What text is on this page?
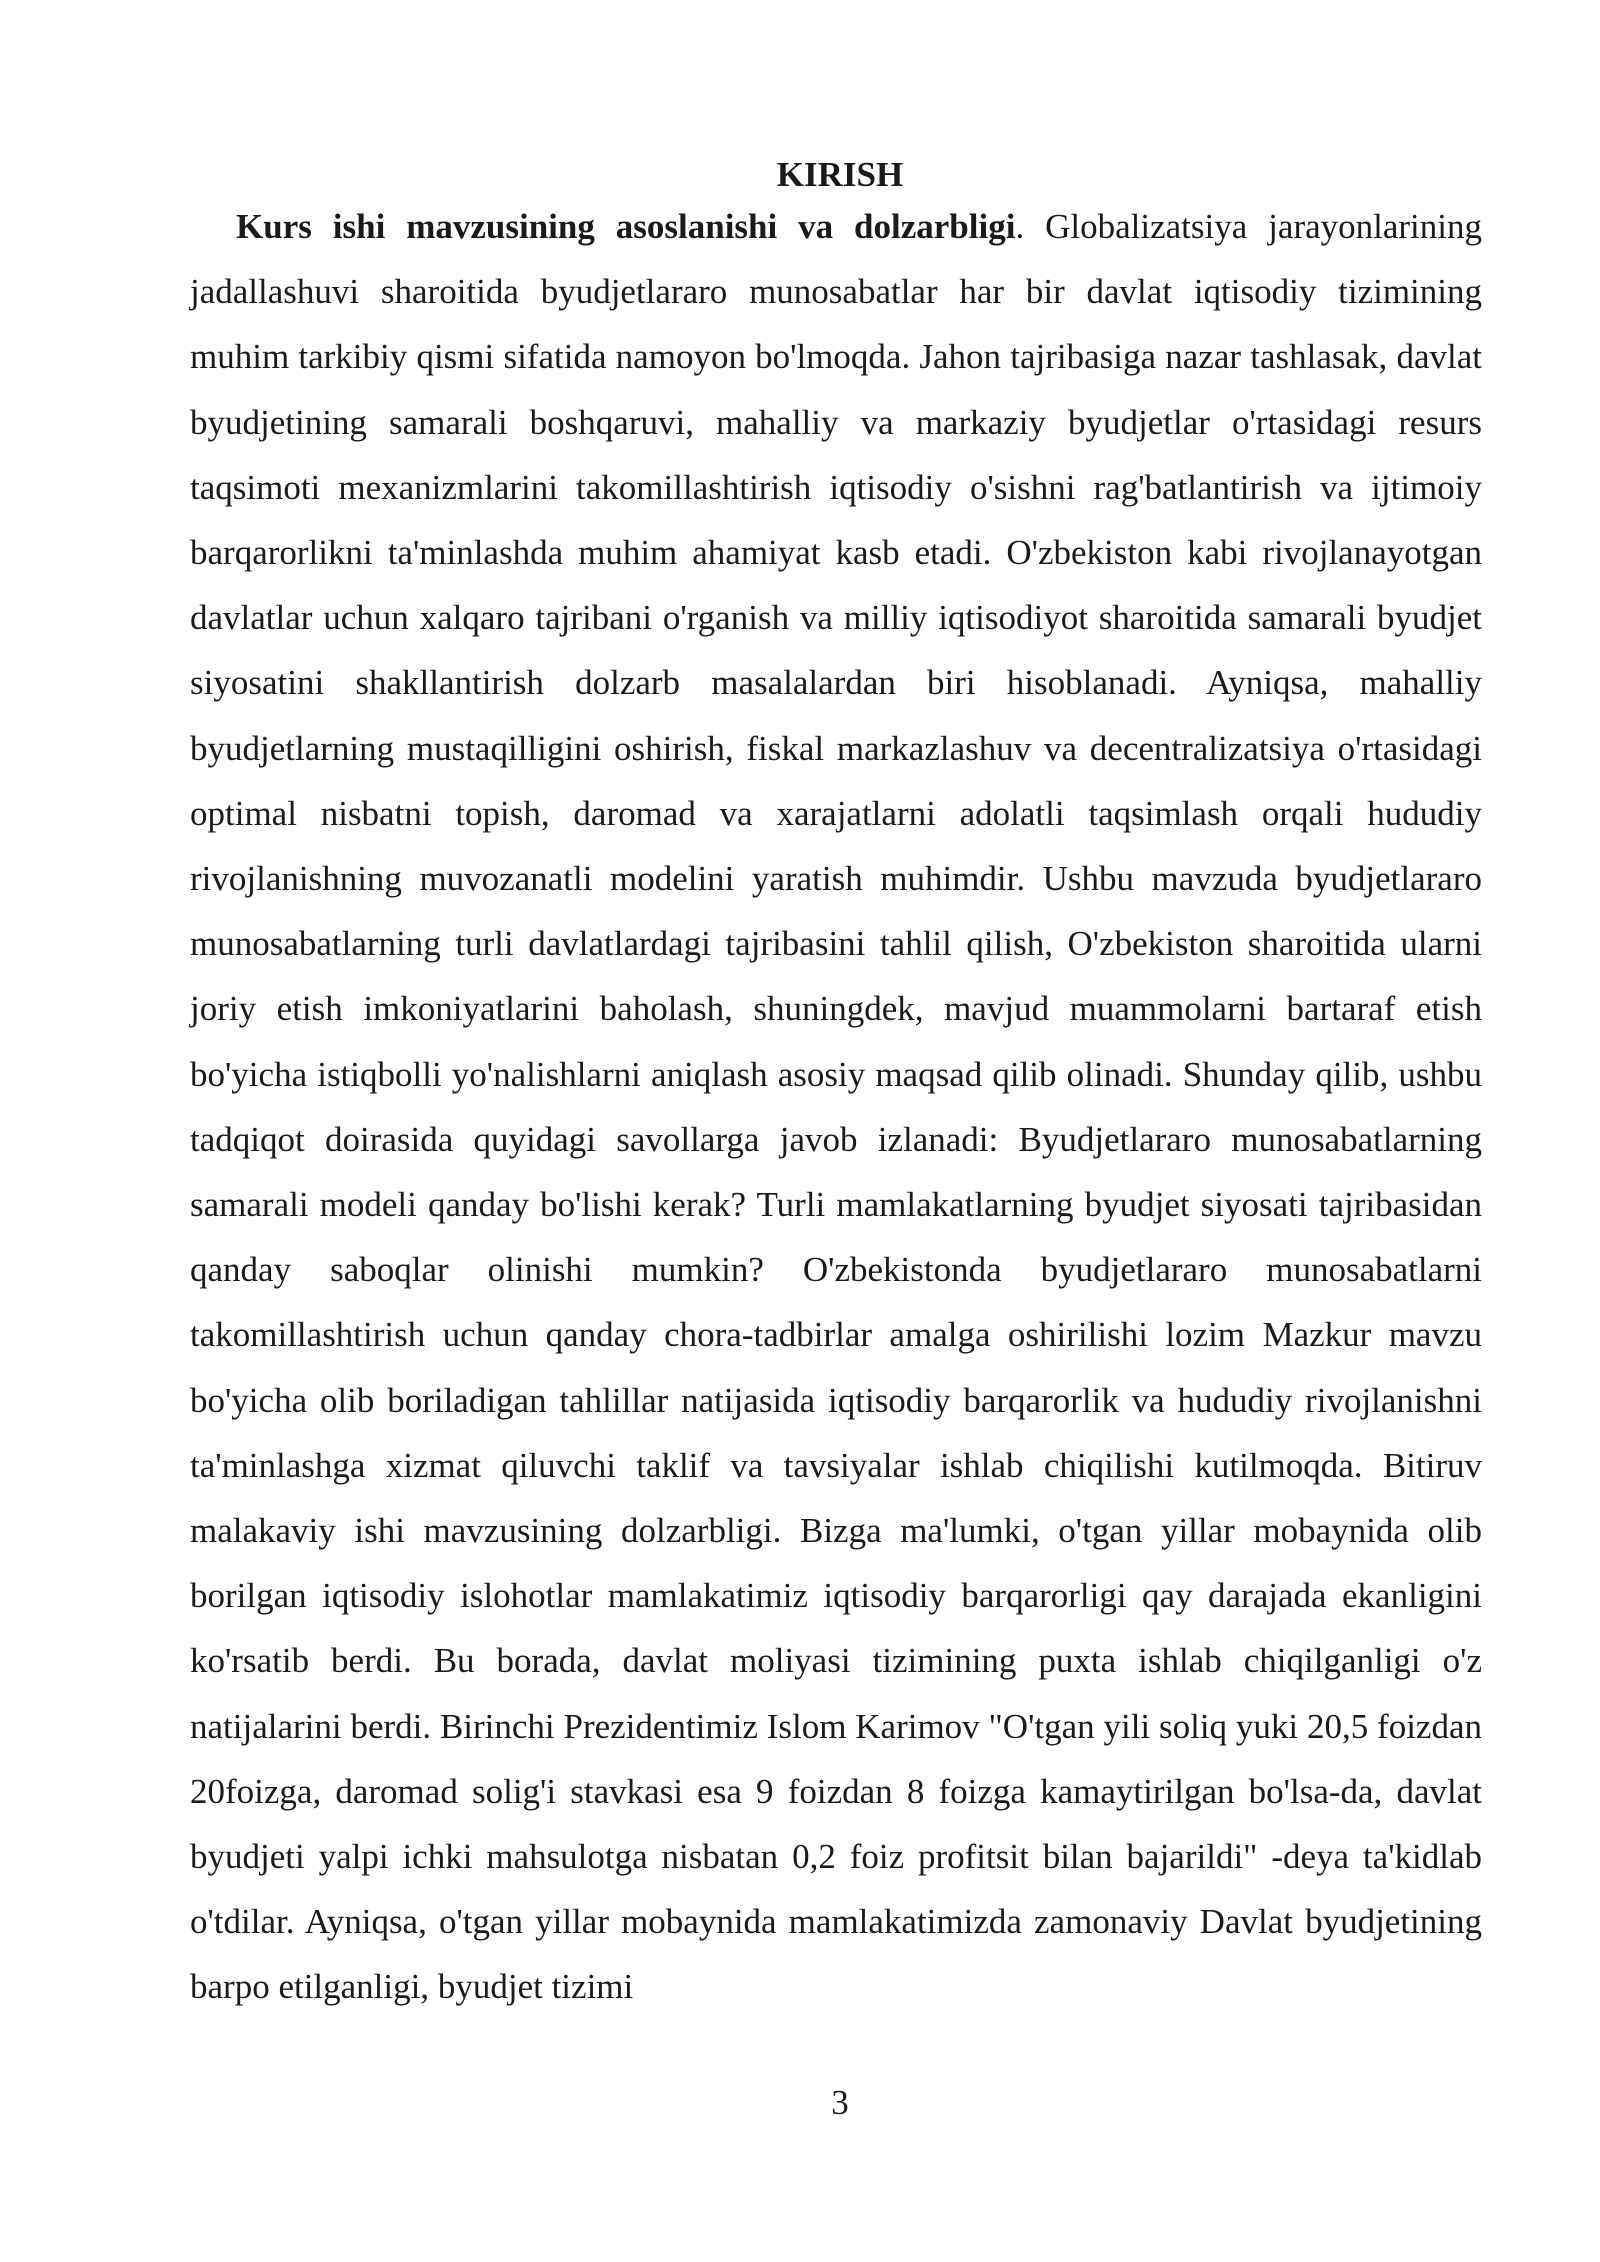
KIRISH

Kurs ishi mavzusining asoslanishi va dolzarbligi. Globalizatsiya jarayonlarining jadallashuvi sharoitida byudjetlararo munosabatlar har bir davlat iqtisodiy tizimining muhim tarkibiy qismi sifatida namoyon bo'lmoqda. Jahon tajribasiga nazar tashlasak, davlat byudjetining samarali boshqaruvi, mahalliy va markaziy byudjetlar o'rtasidagi resurs taqsimoti mexanizmlarini takomillashtirish iqtisodiy o'sishni rag'batlantirish va ijtimoiy barqarorlikni ta'minlashda muhim ahamiyat kasb etadi. O'zbekiston kabi rivojlanayotgan davlatlar uchun xalqaro tajribani o'rganish va milliy iqtisodiyot sharoitida samarali byudjet siyosatini shakllantirish dolzarb masalalardan biri hisoblanadi. Ayniqsa, mahalliy byudjetlarning mustaqilligini oshirish, fiskal markazlashuv va decentralizatsiya o'rtasidagi optimal nisbatni topish, daromad va xarajatlarni adolatli taqsimlash orqali hududiy rivojlanishning muvozanatli modelini yaratish muhimdir. Ushbu mavzuda byudjetlararo munosabatlarning turli davlatlardagi tajribasini tahlil qilish, O'zbekiston sharoitida ularni joriy etish imkoniyatlarini baholash, shuningdek, mavjud muammolarni bartaraf etish bo'yicha istiqbolli yo'nalishlarni aniqlash asosiy maqsad qilib olinadi. Shunday qilib, ushbu tadqiqot doirasida quyidagi savollarga javob izlanadi: Byudjetlararo munosabatlarning samarali modeli qanday bo'lishi kerak? Turli mamlakatlarning byudjet siyosati tajribasidan qanday saboqlar olinishi mumkin? O'zbekistonda byudjetlararo munosabatlarni takomillashtirish uchun qanday chora-tadbirlar amalga oshirilishi lozim Mazkur mavzu bo'yicha olib boriladigan tahlillar natijasida iqtisodiy barqarorlik va hududiy rivojlanishni ta'minlashga xizmat qiluvchi taklif va tavsiyalar ishlab chiqilishi kutilmoqda. Bitiruv malakaviy ishi mavzusining dolzarbligi. Bizga ma'lumki, o'tgan yillar mobaynida olib borilgan iqtisodiy islohotlar mamlakatimiz iqtisodiy barqarorligi qay darajada ekanligini ko'rsatib berdi. Bu borada, davlat moliyasi tizimining puxta ishlab chiqilganligi o'z natijalarini berdi. Birinchi Prezidentimiz Islom Karimov "O'tgan yili soliq yuki 20,5 foizdan 20foizga, daromad solig'i stavkasi esa 9 foizdan 8 foizga kamaytirilgan bo'lsa-da, davlat byudjeti yalpi ichki mahsulotga nisbatan 0,2 foiz profitsit bilan bajarildi" -deya ta'kidlab o'tdilar. Ayniqsa, o'tgan yillar mobaynida mamlakatimizda zamonaviy Davlat byudjetining barpo etilganligi, byudjet tizimi

3
